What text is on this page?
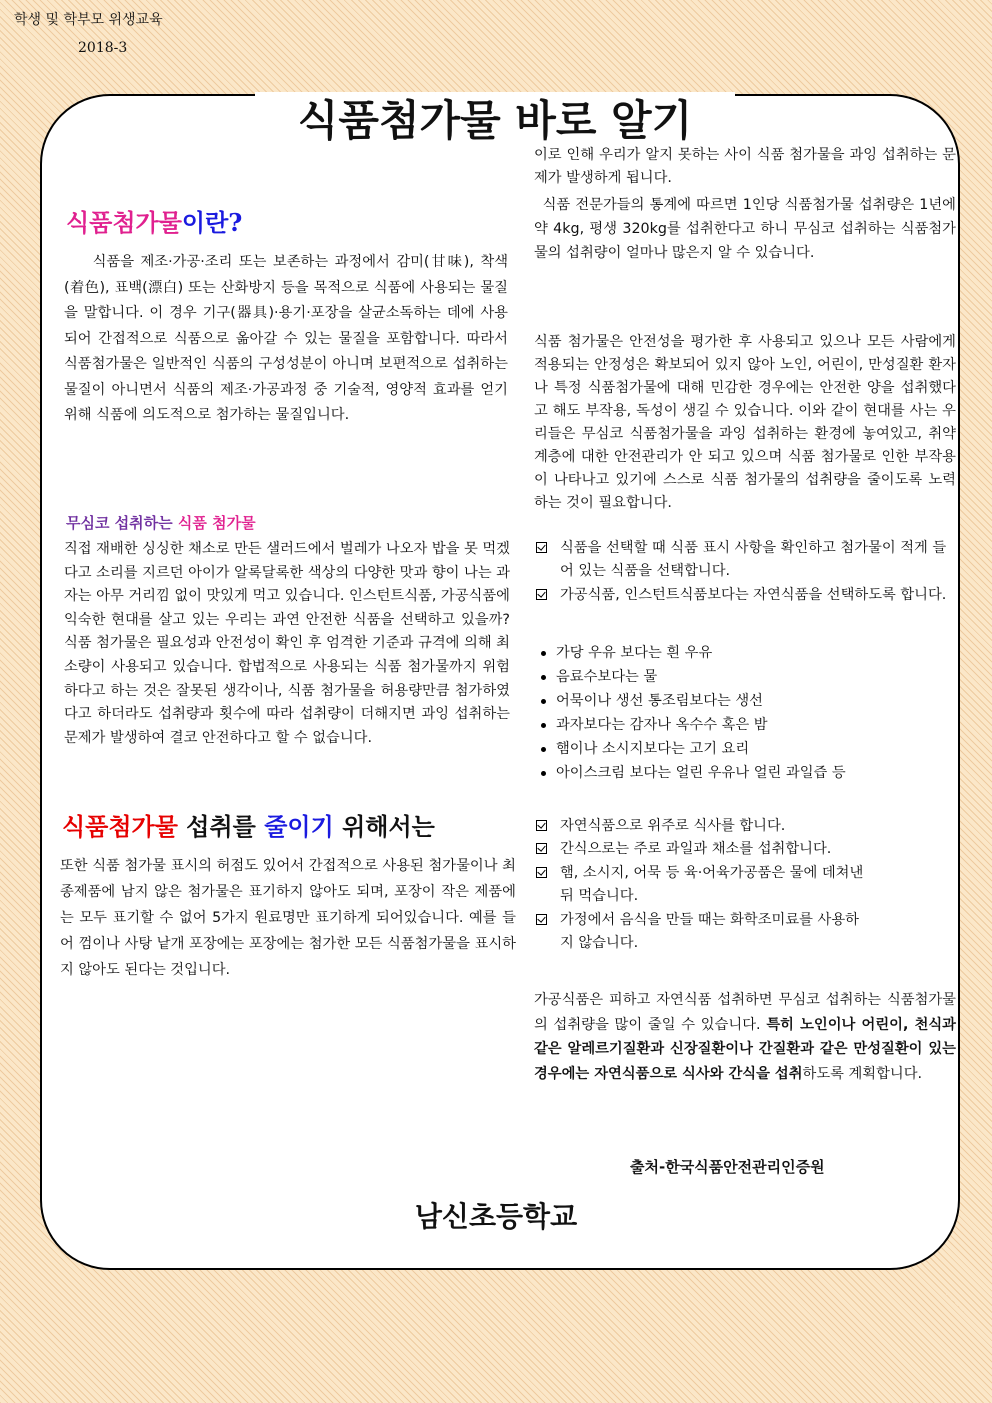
학생 및 학부모 위생교육
2018-3
식품첨가물 바로 알기
식품첨가물이란?

식품을 제조·가공·조리 또는 보존하는 과정에서 감미(甘味), 착색(着色), 표백(漂白) 또는 산화방지 등을 목적으로 식품에 사용되는 물질을 말합니다. 이 경우 기구(器具)·용기·포장을 살균소독하는 데에 사용되어 간접적으로 식품으로 옮아갈 수 있는 물질을 포함합니다. 따라서 식품첨가물은 일반적인 식품의 구성성분이 아니며 보편적으로 섭취하는 물질이 아니면서 식품의 제조·가공과정 중 기술적, 영양적 효과를 얻기 위해 식품에 의도적으로 첨가하는 물질입니다.

무심코 섭취하는 식품 첨가물

직접 재배한 싱싱한 채소로 만든 샐러드에서 벌레가 나오자 밥을 못 먹겠다고 소리를 지르던 아이가 알록달록한 색상의 다양한 맛과 향이 나는 과자는 아무 거리낌 없이 맛있게 먹고 있습니다. 인스턴트식품, 가공식품에 익숙한 현대를 살고 있는 우리는 과연 안전한 식품을 선택하고 있을까? 식품 첨가물은 필요성과 안전성이 확인 후 엄격한 기준과 규격에 의해 최소량이 사용되고 있습니다. 합법적으로 사용되는 식품 첨가물까지 위험하다고 하는 것은 잘못된 생각이나, 식품 첨가물을 허용량만큼 첨가하였다고 하더라도 섭취량과 횟수에 따라 섭취량이 더해지면 과잉 섭취하는 문제가 발생하여 결코 안전하다고 할 수 없습니다.

식품첨가물 섭취를 줄이기 위해서는

또한 식품 첨가물 표시의 허점도 있어서 간접적으로 사용된 첨가물이나 최종제품에 남지 않은 첨가물은 표기하지 않아도 되며, 포장이 작은 제품에는 모두 표기할 수 없어 5가지 원료명만 표기하게 되어있습니다. 예를 들어 껌이나 사탕 낱개 포장에는 포장에는 첨가한 모든 식품첨가물을 표시하지 않아도 된다는 것입니다.

이로 인해 우리가 알지 못하는 사이 식품 첨가물을 과잉 섭취하는 문제가 발생하게 됩니다.

식품 전문가들의 통계에 따르면 1인당 식품첨가물 섭취량은 1년에 약 4kg, 평생 320kg를 섭취한다고 하니 무심코 섭취하는 식품첨가물의 섭취량이 얼마나 많은지 알 수 있습니다.

식품 첨가물은 안전성을 평가한 후 사용되고 있으나 모든 사람에게 적용되는 안정성은 확보되어 있지 않아 노인, 어린이, 만성질환 환자나 특정 식품첨가물에 대해 민감한 경우에는 안전한 양을 섭취했다고 해도 부작용, 독성이 생길 수 있습니다. 이와 같이 현대를 사는 우리들은 무심코 식품첨가물을 과잉 섭취하는 환경에 놓여있고, 취약계층에 대한 안전관리가 안 되고 있으며 식품 첨가물로 인한 부작용이 나타나고 있기에 스스로 식품 첨가물의 섭취량을 줄이도록 노력하는 것이 필요합니다.

식품을 선택할 때 식품 표시 사항을 확인하고 첨가물이 적게 들어 있는 식품을 선택합니다.
가공식품, 인스턴트식품보다는 자연식품을 선택하도록 합니다.
가당 우유 보다는 흰 우유
음료수보다는 물
어묵이나 생선 통조림보다는 생선
과자보다는 감자나 옥수수 혹은 밤
햄이나 소시지보다는 고기 요리
아이스크림 보다는 얼린 우유나 얼린 과일즙 등
자연식품으로 위주로 식사를 합니다.
간식으로는 주로 과일과 채소를 섭취합니다.
햄, 소시지, 어묵 등 육·어육가공품은 물에 데쳐낸 뒤 먹습니다.
가정에서 음식을 만들 때는 화학조미료를 사용하지 않습니다.

가공식품은 피하고 자연식품 섭취하면 무심코 섭취하는 식품첨가물의 섭취량을 많이 줄일 수 있습니다. 특히 노인이나 어린이, 천식과 같은 알레르기질환과 신장질환이나 간질환과 같은 만성질환이 있는 경우에는 자연식품으로 식사와 간식을 섭취하도록 계획합니다.

출처-한국식품안전관리인증원
남신초등학교
